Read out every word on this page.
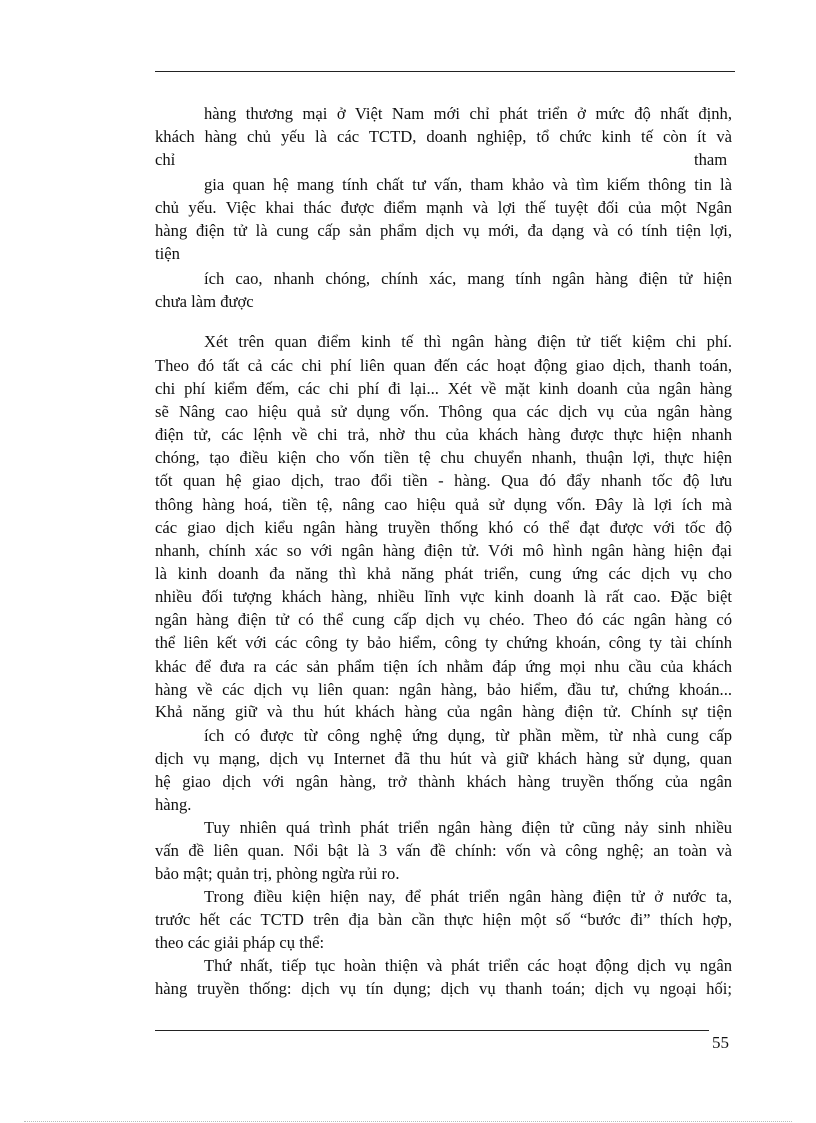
hàng thương mại ở Việt Nam mới chỉ phát triển ở mức độ nhất định,
khách hàng chủ yếu là các TCTD, doanh nghiệp, tổ chức kinh tế còn ít và
chỉ	tham
gia quan hệ mang tính chất tư vấn, tham khảo và tìm kiếm thông tin là
chủ yếu. Việc khai thác được điểm mạnh và lợi thế tuyệt đối của một Ngân
hàng điện tử là cung cấp sản phẩm dịch vụ mới, đa dạng và có tính tiện lợi,
tiện
ích cao, nhanh chóng, chính xác, mang tính ngân hàng điện tử hiện
chưa làm được
Xét trên quan điểm kinh tế thì ngân hàng điện tử tiết kiệm chi phí.
Theo đó tất cả các chi phí liên quan đến các hoạt động giao dịch, thanh toán,
chi phí kiểm đếm, các chi phí đi lại... Xét về mặt kinh doanh của ngân hàng
sẽ Nâng cao hiệu quả sử dụng vốn. Thông qua các dịch vụ của ngân hàng
điện tử, các lệnh về chi trả, nhờ thu của khách hàng được thực hiện nhanh
chóng, tạo điều kiện cho vốn tiền tệ chu chuyển nhanh, thuận lợi, thực hiện
tốt quan hệ giao dịch, trao đổi tiền - hàng. Qua đó đẩy nhanh tốc độ lưu
thông hàng hoá, tiền tệ, nâng cao hiệu quả sử dụng vốn. Đây là lợi ích mà
các giao dịch kiểu ngân hàng truyền thống khó có thể đạt được với tốc độ
nhanh, chính xác so với ngân hàng điện tử. Với mô hình ngân hàng hiện đại
là kinh doanh đa năng thì khả năng phát triển, cung ứng các dịch vụ cho
nhiều đối tượng khách hàng, nhiều lĩnh vực kinh doanh là rất cao. Đặc biệt
ngân hàng điện tử có thể cung cấp dịch vụ chéo. Theo đó các ngân hàng có
thể liên kết với các công ty bảo hiểm, công ty chứng khoán, công ty tài chính
khác để đưa ra các sản phẩm tiện ích nhằm đáp ứng mọi nhu cầu của khách
hàng về các dịch vụ liên quan: ngân hàng, bảo hiểm, đầu tư, chứng khoán...
Khả năng giữ và thu hút khách hàng của ngân hàng điện tử. Chính sự tiện
ích có được từ công nghệ ứng dụng, từ phần mềm, từ nhà cung cấp
dịch vụ mạng, dịch vụ Internet đã thu hút và giữ khách hàng sử dụng, quan
hệ giao dịch với ngân hàng, trở thành khách hàng truyền thống của ngân
hàng.
Tuy nhiên quá trình phát triển ngân hàng điện tử cũng nảy sinh nhiều
vấn đề liên quan. Nổi bật là 3 vấn đề chính: vốn và công nghệ; an toàn và
bảo mật; quản trị, phòng ngừa rủi ro.
Trong điều kiện hiện nay, để phát triển ngân hàng điện tử ở nước ta,
trước hết các TCTD trên địa bàn cần thực hiện một số “bước đi” thích hợp,
theo các giải pháp cụ thể:
Thứ nhất, tiếp tục hoàn thiện và phát triển các hoạt động dịch vụ ngân
hàng truyền thống: dịch vụ tín dụng; dịch vụ thanh toán; dịch vụ ngoại hối;
55
